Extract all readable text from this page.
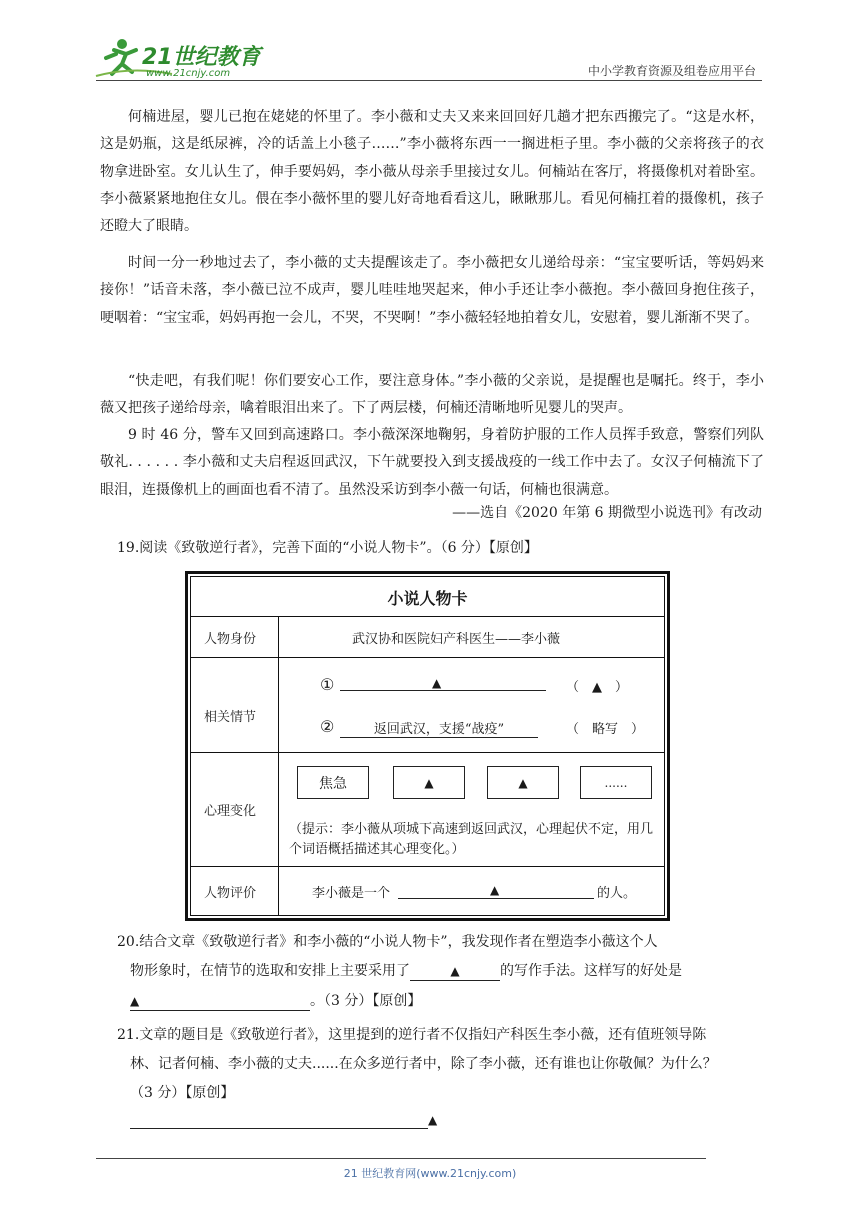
21世纪教育
www.21cnjy.com	中小学教育资源及组卷应用平台

何楠进屋，婴儿已抱在姥姥的怀里了。李小薇和丈夫又来来回回好几趟才把东西搬完了。“这是水杯，这是奶瓶，这是纸尿裤，冷的话盖上小毯子……”李小薇将东西一一搁进柜子里。李小薇的父亲将孩子的衣物拿进卧室。女儿认生了，伸手要妈妈，李小薇从母亲手里接过女儿。何楠站在客厅，将摄像机对着卧室。李小薇紧紧地抱住女儿。偎在李小薇怀里的婴儿好奇地看看这儿，瞅瞅那儿。看见何楠扛着的摄像机，孩子还瞪大了眼睛。

时间一分一秒地过去了，李小薇的丈夫提醒该走了。李小薇把女儿递给母亲：“宝宝要听话，等妈妈来接你！”话音未落，李小薇已泣不成声，婴儿哇哇地哭起来，伸小手还让李小薇抱。李小薇回身抱住孩子，哽咽着：“宝宝乖，妈妈再抱一会儿，不哭，不哭啊！”李小薇轻轻地拍着女儿，安慰着，婴儿渐渐不哭了。

“快走吧，有我们呢！你们要安心工作，要注意身体。”李小薇的父亲说，是提醒也是嘱托。终于，李小薇又把孩子递给母亲，噙着眼泪出来了。下了两层楼，何楠还清晰地听见婴儿的哭声。

9 时 46 分，警车又回到高速路口。李小薇深深地鞠躬，身着防护服的工作人员挥手致意，警察们列队敬礼. . . . . . 李小薇和丈夫启程返回武汉，下午就要投入到支援战疫的一线工作中去了。女汉子何楠流下了眼泪，连摄像机上的画面也看不清了。虽然没采访到李小薇一句话，何楠也很满意。

——选自《2020 年第 6 期微型小说选刊》有改动

19.阅读《致敬逆行者》，完善下面的“小说人物卡”。（6 分）【原创】

小说人物卡
人物身份	武汉协和医院妇产科医生——李小薇
相关情节
①	▲	（　▲　）
②	返回武汉，支援“战疫”	（　略写　）
心理变化
焦急	▲	▲	......
（提示：李小薇从项城下高速到返回武汉，心理起伏不定，用几个词语概括描述其心理变化。）
人物评价	李小薇是一个	▲	的人。

20.结合文章《致敬逆行者》和李小薇的“小说人物卡”，我发现作者在塑造李小薇这个人

物形象时，在情节的选取和安排上主要采用了	▲	的写作手法。这样写的好处是
▲	。（3 分）【原创】

21.文章的题目是《致敬逆行者》，这里提到的逆行者不仅指妇产科医生李小薇，还有值班领导陈

林、记者何楠、李小薇的丈夫......在众多逆行者中，除了李小薇，还有谁也让你敬佩？为什么？

（3 分）【原创】

▲
21 世纪教育网(www.21cnjy.com)
